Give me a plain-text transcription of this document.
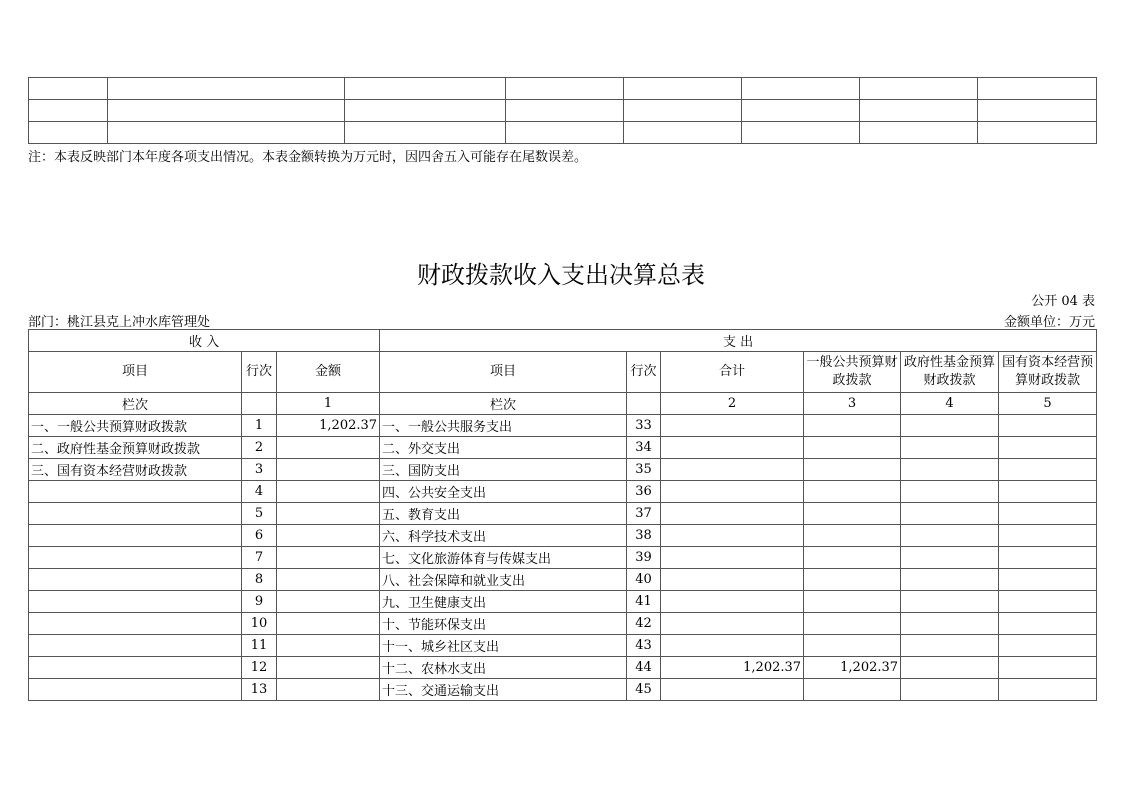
注：本表反映部门本年度各项支出情况。本表金额转换为万元时，因四舍五入可能存在尾数误差。
财政拨款收入支出决算总表
公开 04 表
部门：桃江县克上冲水库管理处	金额单位：万元
收 入			支 出					
项目	行次	金额	项目	行次	合计	一般公共预算财政拨款	政府性基金预算财政拨款	国有资本经营预算财政拨款
栏次		1	栏次		2	3	4	5
一、一般公共预算财政拨款	1	1,202.37	一、一般公共服务支出	33				
二、政府性基金预算财政拨款	2		二、外交支出	34				
三、国有资本经营财政拨款	3		三、国防支出	35				
	4		四、公共安全支出	36				
	5		五、教育支出	37				
	6		六、科学技术支出	38				
	7		七、文化旅游体育与传媒支出	39				
	8		八、社会保障和就业支出	40				
	9		九、卫生健康支出	41				
	10		十、节能环保支出	42				
	11		十一、城乡社区支出	43				
	12		十二、农林水支出	44	1,202.37	1,202.37		
	13		十三、交通运输支出	45				
